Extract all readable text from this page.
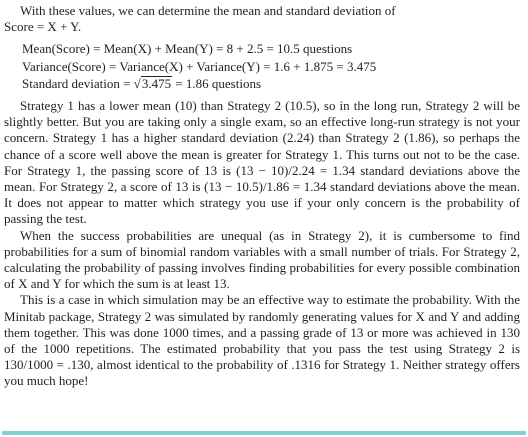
With these values, we can determine the mean and standard deviation of
Score = X + Y.

Mean(Score) = Mean(X) + Mean(Y) = 8 + 2.5 = 10.5 questions
Variance(Score) = Variance(X) + Variance(Y) = 1.6 + 1.875 = 3.475
Standard deviation = √3.475 = 1.86 questions

Strategy 1 has a lower mean (10) than Strategy 2 (10.5), so in the long run, Strategy 2 will be slightly better. But you are taking only a single exam, so an effective long-run strategy is not your concern. Strategy 1 has a higher standard deviation (2.24) than Strategy 2 (1.86), so perhaps the chance of a score well above the mean is greater for Strategy 1. This turns out not to be the case. For Strategy 1, the passing score of 13 is (13 − 10)/2.24 = 1.34 standard deviations above the mean. For Strategy 2, a score of 13 is (13 − 10.5)/1.86 = 1.34 standard deviations above the mean. It does not appear to matter which strategy you use if your only concern is the probability of passing the test.

When the success probabilities are unequal (as in Strategy 2), it is cumbersome to find probabilities for a sum of binomial random variables with a small number of trials. For Strategy 2, calculating the probability of passing involves finding probabilities for every possible combination of X and Y for which the sum is at least 13.

This is a case in which simulation may be an effective way to estimate the probability. With the Minitab package, Strategy 2 was simulated by randomly generating values for X and Y and adding them together. This was done 1000 times, and a passing grade of 13 or more was achieved in 130 of the 1000 repetitions. The estimated probability that you pass the test using Strategy 2 is 130/1000 = .130, almost identical to the probability of .1316 for Strategy 1. Neither strategy offers you much hope!
